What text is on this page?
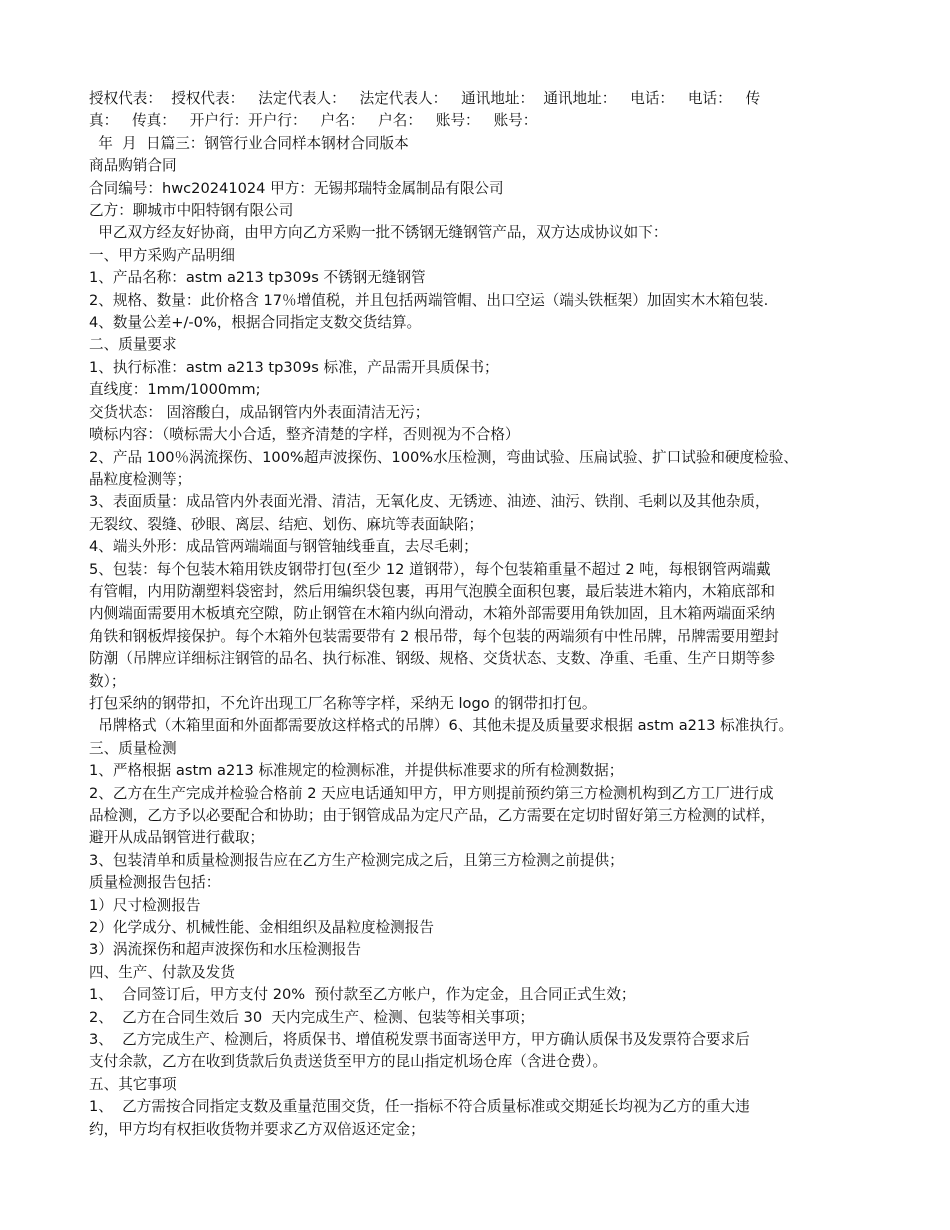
授权代表：  授权代表：   法定代表人：   法定代表人：   通讯地址：  通讯地址：   电话：   电话：   传

真：   传真：   开户行：开户行：   户名：   户名：   账号：   账号：

年  月  日篇三：钢管行业合同样本钢材合同版本

商品购销合同

合同编号：hwc20241024 甲方：无锡邦瑞特金属制品有限公司

乙方：聊城市中阳特钢有限公司

甲乙双方经友好协商，由甲方向乙方采购一批不锈钢无缝钢管产品，双方达成协议如下：

一、甲方采购产品明细

1、产品名称：astm a213 tp309s 不锈钢无缝钢管

2、规格、数量：此价格含 17％增值税，并且包括两端管帽、出口空运（端头铁框架）加固实木木箱包装.

4、数量公差+/-0%，根据合同指定支数交货结算。

二、质量要求

1、执行标准：astm a213 tp309s 标准，产品需开具质保书；

直线度：1mm/1000mm;

交货状态： 固溶酸白，成品钢管内外表面清洁无污；

喷标内容：（喷标需大小合适，整齐清楚的字样，否则视为不合格）

2、产品 100％涡流探伤、100%超声波探伤、100%水压检测，弯曲试验、压扁试验、扩口试验和硬度检验、

晶粒度检测等；

3、表面质量：成品管内外表面光滑、清洁，无氧化皮、无锈迹、油迹、油污、铁削、毛刺以及其他杂质，

无裂纹、裂缝、砂眼、离层、结疤、划伤、麻坑等表面缺陷；

4、端头外形：成品管两端端面与钢管轴线垂直，去尽毛刺；

5、包装：每个包装木箱用铁皮钢带打包(至少 12 道钢带），每个包装箱重量不超过 2 吨，每根钢管两端戴

有管帽，内用防潮塑料袋密封，然后用编织袋包裹，再用气泡膜全面积包裹，最后装进木箱内，木箱底部和

内侧端面需要用木板填充空隙，防止钢管在木箱内纵向滑动，木箱外部需要用角铁加固，且木箱两端面采纳

角铁和钢板焊接保护。每个木箱外包装需要带有 2 根吊带，每个包装的两端须有中性吊牌，吊牌需要用塑封

防潮（吊牌应详细标注钢管的品名、执行标准、钢级、规格、交货状态、支数、净重、毛重、生产日期等参

数）；

打包采纳的钢带扣，不允许出现工厂名称等字样，采纳无 logo 的钢带扣打包。

吊牌格式（木箱里面和外面都需要放这样格式的吊牌）6、其他未提及质量要求根据 astm a213 标准执行。

三、质量检测

1、严格根据 astm a213 标准规定的检测标准，并提供标准要求的所有检测数据；

2、乙方在生产完成并检验合格前 2 天应电话通知甲方，甲方则提前预约第三方检测机构到乙方工厂进行成

品检测，乙方予以必要配合和协助；由于钢管成品为定尺产品，乙方需要在定切时留好第三方检测的试样，

避开从成品钢管进行截取；

3、包装清单和质量检测报告应在乙方生产检测完成之后，且第三方检测之前提供；

质量检测报告包括：

1）尺寸检测报告

2）化学成分、机械性能、金相组织及晶粒度检测报告

3）涡流探伤和超声波探伤和水压检测报告

四、生产、付款及发货

1、  合同签订后，甲方支付 20%  预付款至乙方帐户，作为定金，且合同正式生效；

2、  乙方在合同生效后 30  天内完成生产、检测、包装等相关事项；

3、  乙方完成生产、检测后，将质保书、增值税发票书面寄送甲方，甲方确认质保书及发票符合要求后

支付余款，乙方在收到货款后负责送货至甲方的昆山指定机场仓库（含进仓费）。

五、其它事项

1、  乙方需按合同指定支数及重量范围交货，任一指标不符合质量标准或交期延长均视为乙方的重大违

约，甲方均有权拒收货物并要求乙方双倍返还定金；
